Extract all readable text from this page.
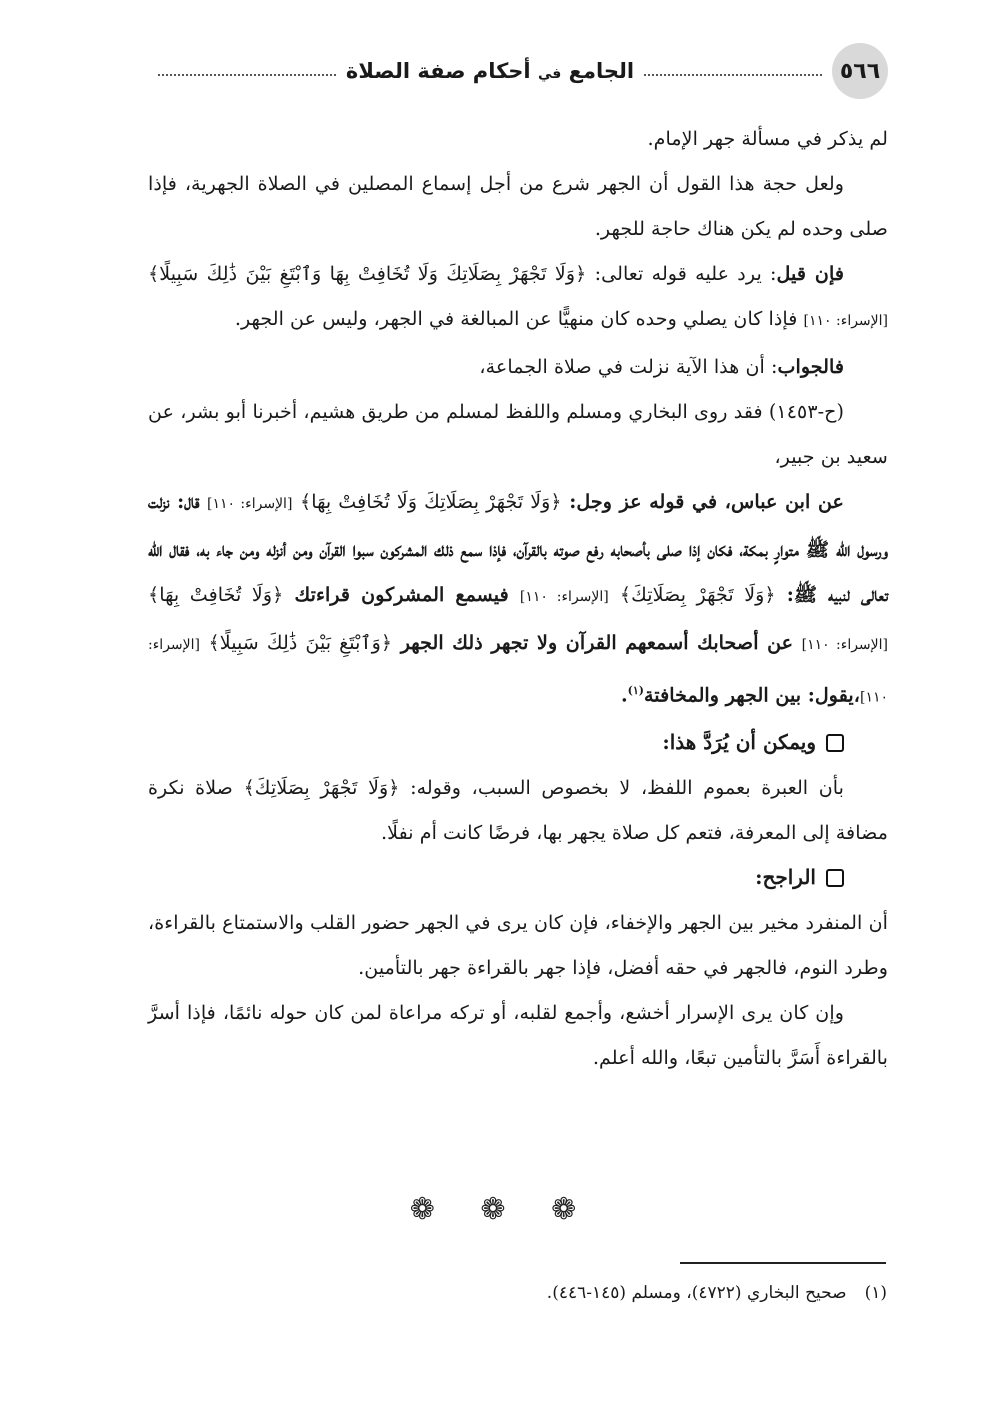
٥٦٦
الجامع في أحكام صفة الصلاة

لم يذكر في مسألة جهر الإمام.

ولعل حجة هذا القول أن الجهر شرع من أجل إسماع المصلين في الصلاة الجهرية، فإذا صلى وحده لم يكن هناك حاجة للجهر.

فإن قيل: يرد عليه قوله تعالى: ﴿وَلَا تَجْهَرْ بِصَلَاتِكَ وَلَا تُخَافِتْ بِهَا وَٱبْتَغِ بَيْنَ ذَٰلِكَ سَبِيلًا﴾ [الإسراء: ١١٠] فإذا كان يصلي وحده كان منهيًّا عن المبالغة في الجهر، وليس عن الجهر.

فالجواب: أن هذا الآية نزلت في صلاة الجماعة،

(ح-١٤٥٣) فقد روى البخاري ومسلم واللفظ لمسلم من طريق هشيم، أخبرنا أبو بشر، عن سعيد بن جبير،

عن ابن عباس، في قوله عز وجل: ﴿وَلَا تَجْهَرْ بِصَلَاتِكَ وَلَا تُخَافِتْ بِهَا﴾ [الإسراء: ١١٠] قال: نزلت ورسول الله ﷺ متوارٍ بمكة، فكان إذا صلى بأصحابه رفع صوته بالقرآن، فإذا سمع ذلك المشركون سبوا القرآن ومن أنزله ومن جاء به، فقال الله تعالى لنبيه ﷺ: ﴿وَلَا تَجْهَرْ بِصَلَاتِكَ﴾ [الإسراء: ١١٠] فيسمع المشركون قراءتك ﴿وَلَا تُخَافِتْ بِهَا﴾ [الإسراء: ١١٠] عن أصحابك أسمعهم القرآن ولا تجهر ذلك الجهر ﴿وَٱبْتَغِ بَيْنَ ذَٰلِكَ سَبِيلًا﴾ [الإسراء: ١١٠]،يقول: بين الجهر والمخافتة$^{(١)}$.

ويمكن أن يُرَدَّ هذا:

بأن العبرة بعموم اللفظ، لا بخصوص السبب، وقوله: ﴿وَلَا تَجْهَرْ بِصَلَاتِكَ﴾ صلاة نكرة مضافة إلى المعرفة، فتعم كل صلاة يجهر بها، فرضًا كانت أم نفلًا.

الراجح:

أن المنفرد مخير بين الجهر والإخفاء، فإن كان يرى في الجهر حضور القلب والاستمتاع بالقراءة، وطرد النوم، فالجهر في حقه أفضل، فإذا جهر بالقراءة جهر بالتأمين.

وإن كان يرى الإسرار أخشع، وأجمع لقلبه، أو تركه مراعاة لمن كان حوله نائمًا، فإذا أسرَّ بالقراءة أَسَرَّ بالتأمين تبعًا، والله أعلم.

❁ ❁ ❁
(١)صحيح البخاري (٤٧٢٢)، ومسلم (١٤٥-٤٤٦).
